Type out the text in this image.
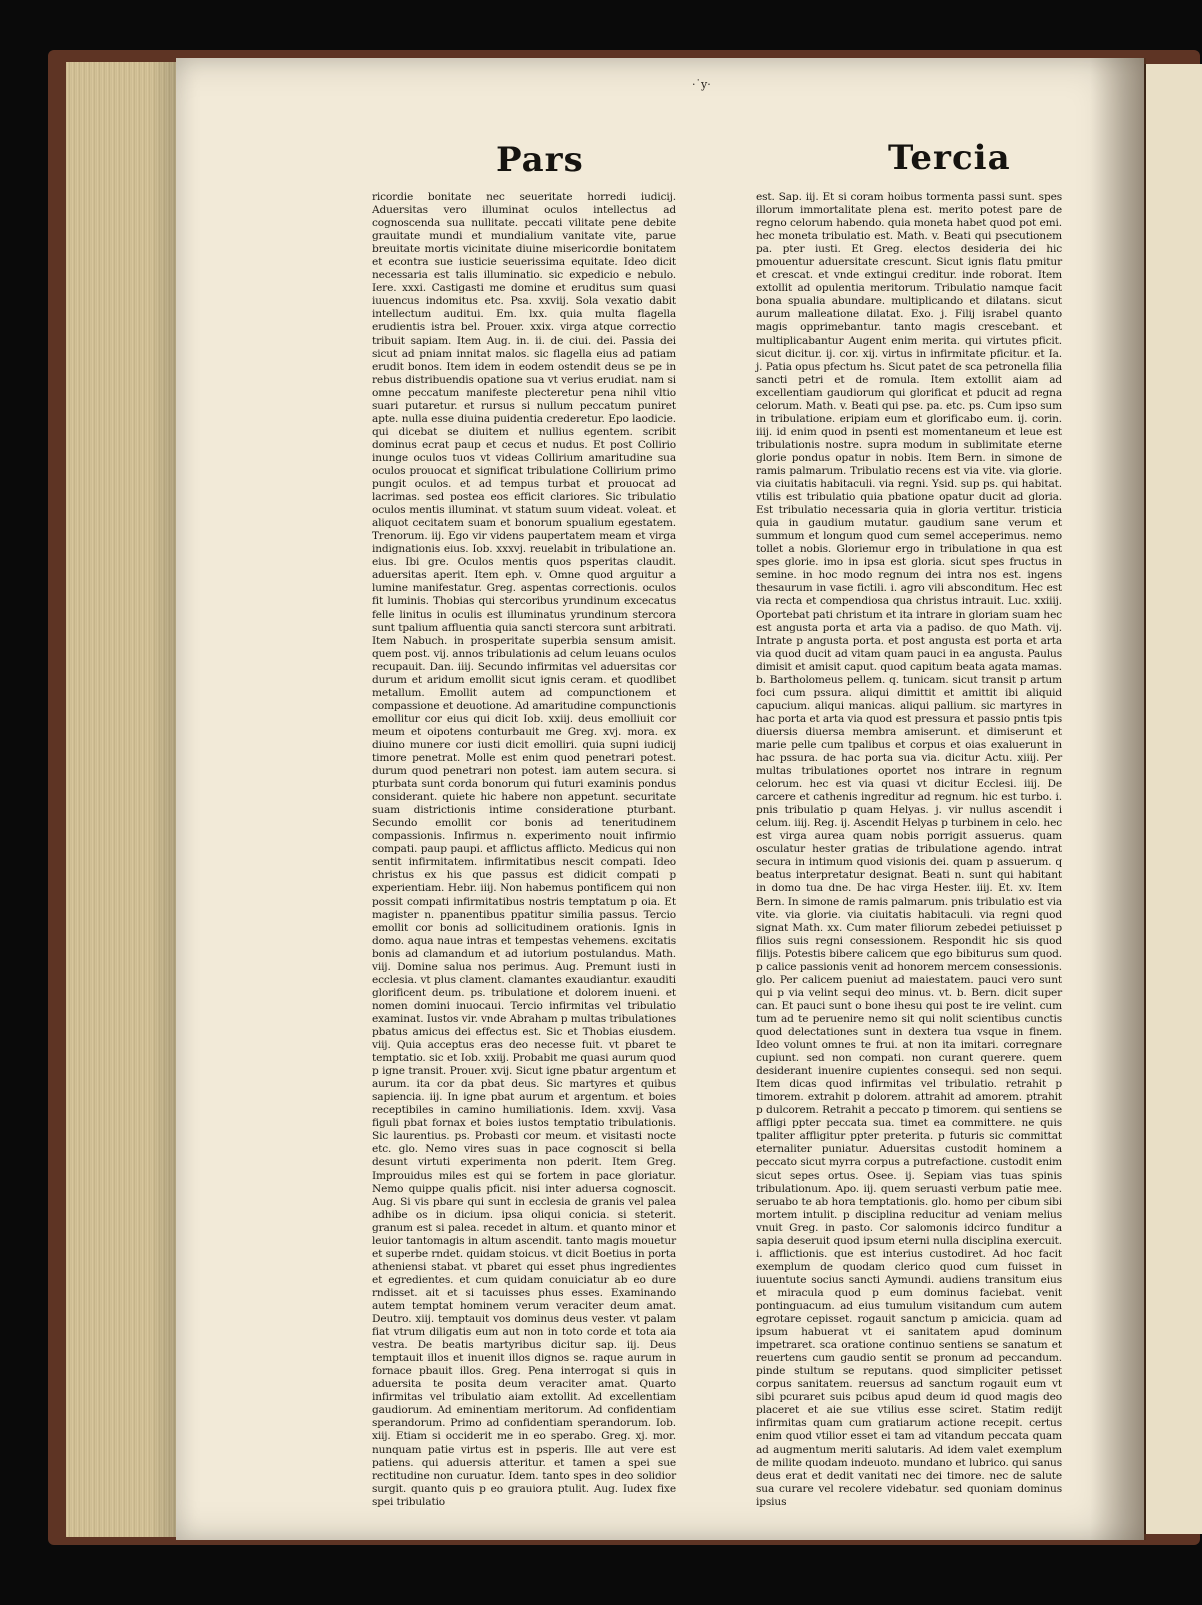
·˙y·
Pars	Tercia

ricordie bonitate nec seueritate horredi iudicij. Aduersitas vero illuminat oculos intellectus ad cognoscenda sua nullitate. peccati vilitate pene debite grauitate mundi et mundialium vanitate vite, parue breuitate mortis vicinitate diuine misericordie bonitatem et econtra sue iusticie seuerissima equitate. Ideo dicit necessaria est talis illuminatio. sic expedicio e nebulo. Iere. xxxi. Castigasti me domine et eruditus sum quasi iuuencus indomitus etc. Psa. xxviij. Sola vexatio dabit intellectum auditui. Em. lxx. quia multa flagella erudientis istra bel. Prouer. xxix. virga atque correctio tribuit sapiam. Item Aug. in. ii. de ciui. dei. Passia dei sicut ad pniam innitat malos. sic flagella eius ad patiam erudit bonos. Item idem in eodem ostendit deus se pe in rebus distribuendis opatione sua vt verius erudiat. nam si omne peccatum manifeste plecteretur pena nihil vltio suari putaretur. et rursus si nullum peccatum puniret apte. nulla esse diuina puidentia crederetur. Epo laodicie. qui dicebat se diuitem et nullius egentem. scribit dominus ecrat paup et cecus et nudus. Et post Collirio inunge oculos tuos vt videas Collirium amaritudine sua oculos prouocat et significat tribulatione Collirium primo pungit oculos. et ad tempus turbat et prouocat ad lacrimas. sed postea eos efficit clariores. Sic tribulatio oculos mentis illuminat. vt statum suum videat. voleat. et aliquot cecitatem suam et bonorum spualium egestatem. Trenorum. iij. Ego vir videns paupertatem meam et virga indignationis eius. Iob. xxxvj. reuelabit in tribulatione an. eius. Ibi gre. Oculos mentis quos psperitas claudit. aduersitas aperit. Item eph. v. Omne quod arguitur a lumine manifestatur. Greg. aspentas correctionis. oculos fit luminis. Thobias qui stercoribus yrundinum excecatus felle linitus in oculis est illuminatus yrundinum stercora sunt tpalium affluentia quia sancti stercora sunt arbitrati. Item Nabuch. in prosperitate superbia sensum amisit. quem post. vij. annos tribulationis ad celum leuans oculos recupauit. Dan. iiij. Secundo infirmitas vel aduersitas cor durum et aridum emollit sicut ignis ceram. et quodlibet metallum. Emollit autem ad compunctionem et compassione et deuotione. Ad amaritudine compunctionis emollitur cor eius qui dicit Iob. xxiij. deus emolliuit cor meum et oipotens conturbauit me Greg. xvj. mora. ex diuino munere cor iusti dicit emolliri. quia supni iudicij timore penetrat. Molle est enim quod penetrari potest. durum quod penetrari non potest. iam autem secura. si pturbata sunt corda bonorum qui futuri examinis pondus considerant. quiete hic habere non appetunt. securitate suam districtionis intime consideratione pturbant. Secundo emollit cor bonis ad teneritudinem compassionis. Infirmus n. experimento nouit infirmio compati. paup paupi. et afflictus afflicto. Medicus qui non sentit infirmitatem. infirmitatibus nescit compati. Ideo christus ex his que passus est didicit compati p experientiam. Hebr. iiij. Non habemus pontificem qui non possit compati infirmitatibus nostris temptatum p oia. Et magister n. ppanentibus ppatitur similia passus. Tercio emollit cor bonis ad sollicitudinem orationis. Ignis in domo. aqua naue intras et tempestas vehemens. excitatis bonis ad clamandum et ad iutorium postulandus. Math. viij. Domine salua nos perimus. Aug. Premunt iusti in ecclesia. vt plus clament. clamantes exaudiantur. exauditi glorificent deum. ps. tribulatione et dolorem inueni. et nomen domini inuocaui. Tercio infirmitas vel tribulatio examinat. Iustos vir. vnde Abraham p multas tribulationes pbatus amicus dei effectus est. Sic et Thobias eiusdem. viij. Quia acceptus eras deo necesse fuit. vt pbaret te temptatio. sic et Iob. xxiij. Probabit me quasi aurum quod p igne transit. Prouer. xvij. Sicut igne pbatur argentum et aurum. ita cor da pbat deus. Sic martyres et quibus sapiencia. iij. In igne pbat aurum et argentum. et boies receptibiles in camino humiliationis. Idem. xxvij. Vasa figuli pbat fornax et boies iustos temptatio tribulationis. Sic laurentius. ps. Probasti cor meum. et visitasti nocte etc. glo. Nemo vires suas in pace cognoscit si bella desunt virtuti experimenta non pderit. Item Greg. Improuidus miles est qui se fortem in pace gloriatur. Nemo quippe qualis pficit. nisi inter aduersa cognoscit. Aug. Si vis pbare qui sunt in ecclesia de granis vel palea adhibe os in dicium. ipsa oliqui conicia. si steterit. granum est si palea. recedet in altum. et quanto minor et leuior tantomagis in altum ascendit. tanto magis mouetur et superbe rndet. quidam stoicus. vt dicit Boetius in porta atheniensi stabat. vt pbaret qui esset phus ingredientes et egredientes. et cum quidam conuiciatur ab eo dure rndisset. ait et si tacuisses phus esses. Examinando autem temptat hominem verum veraciter deum amat. Deutro. xiij. temptauit vos dominus deus vester. vt palam fiat vtrum diligatis eum aut non in toto corde et tota aia vestra. De beatis martyribus dicitur sap. iij. Deus temptauit illos et inuenit illos dignos se. raque aurum in fornace pbauit illos. Greg. Pena interrogat si quis in aduersita te posita deum veraciter amat. Quarto infirmitas vel tribulatio aiam extollit. Ad excellentiam gaudiorum. Ad eminentiam meritorum. Ad confidentiam sperandorum. Primo ad confidentiam sperandorum. Iob. xiij. Etiam si occiderit me in eo sperabo. Greg. xj. mor. nunquam patie virtus est in psperis. Ille aut vere est patiens. qui aduersis atteritur. et tamen a spei sue rectitudine non curuatur. Idem. tanto spes in deo solidior surgit. quanto quis p eo grauiora ptulit. Aug. Iudex fixe spei tribulatio

est. Sap. iij. Et si coram hoibus tormenta passi sunt. spes illorum immortalitate plena est. merito potest pare de regno celorum habendo. quia moneta habet quod pot emi. hec moneta tribulatio est. Math. v. Beati qui psecutionem pa. pter iusti. Et Greg. electos desideria dei hic pmouentur aduersitate crescunt. Sicut ignis flatu pmitur et crescat. et vnde extingui creditur. inde roborat. Item extollit ad opulentia meritorum. Tribulatio namque facit bona spualia abundare. multiplicando et dilatans. sicut aurum malleatione dilatat. Exo. j. Filij israbel quanto magis opprimebantur. tanto magis crescebant. et multiplicabantur Augent enim merita. qui virtutes pficit. sicut dicitur. ij. cor. xij. virtus in infirmitate pficitur. et Ia. j. Patia opus pfectum hs. Sicut patet de sca petronella filia sancti petri et de romula. Item extollit aiam ad excellentiam gaudiorum qui glorificat et pducit ad regna celorum. Math. v. Beati qui pse. pa. etc. ps. Cum ipso sum in tribulatione. eripiam eum et glorificabo eum. ij. corin. iiij. id enim quod in psenti est momentaneum et leue est tribulationis nostre. supra modum in sublimitate eterne glorie pondus opatur in nobis. Item Bern. in simone de ramis palmarum. Tribulatio recens est via vite. via glorie. via ciuitatis habitaculi. via regni. Ysid. sup ps. qui habitat. vtilis est tribulatio quia pbatione opatur ducit ad gloria. Est tribulatio necessaria quia in gloria vertitur. tristicia quia in gaudium mutatur. gaudium sane verum et summum et longum quod cum semel acceperimus. nemo tollet a nobis. Gloriemur ergo in tribulatione in qua est spes glorie. imo in ipsa est gloria. sicut spes fructus in semine. in hoc modo regnum dei intra nos est. ingens thesaurum in vase fictili. i. agro vili absconditum. Hec est via recta et compendiosa qua christus intrauit. Luc. xxiiij. Oportebat pati christum et ita intrare in gloriam suam hec est angusta porta et arta via a padiso. de quo Math. vij. Intrate p angusta porta. et post angusta est porta et arta via quod ducit ad vitam quam pauci in ea angusta. Paulus dimisit et amisit caput. quod capitum beata agata mamas. b. Bartholomeus pellem. q. tunicam. sicut transit p artum foci cum pssura. aliqui dimittit et amittit ibi aliquid capucium. aliqui manicas. aliqui pallium. sic martyres in hac porta et arta via quod est pressura et passio pntis tpis diuersis diuersa membra amiserunt. et dimiserunt et marie pelle cum tpalibus et corpus et oias exaluerunt in hac pssura. de hac porta sua via. dicitur Actu. xiiij. Per multas tribulationes oportet nos intrare in regnum celorum. hec est via quasi vt dicitur Ecclesi. iiij. De carcere et cathenis ingreditur ad regnum. hic est turbo. i. pnis tribulatio p quam Helyas. j. vir nullus ascendit i celum. iiij. Reg. ij. Ascendit Helyas p turbinem in celo. hec est virga aurea quam nobis porrigit assuerus. quam osculatur hester gratias de tribulatione agendo. intrat secura in intimum quod visionis dei. quam p assuerum. q beatus interpretatur designat. Beati n. sunt qui habitant in domo tua dne. De hac virga Hester. iiij. Et. xv. Item Bern. In simone de ramis palmarum. pnis tribulatio est via vite. via glorie. via ciuitatis habitaculi. via regni quod signat Math. xx. Cum mater filiorum zebedei petiuisset p filios suis regni consessionem. Respondit hic sis quod filijs. Potestis bibere calicem que ego bibiturus sum quod. p calice passionis venit ad honorem mercem consessionis. glo. Per calicem pueniut ad maiestatem. pauci vero sunt qui p via velint sequi deo minus. vt. b. Bern. dicit super can. Et pauci sunt o bone ihesu qui post te ire velint. cum tum ad te peruenire nemo sit qui nolit scientibus cunctis quod delectationes sunt in dextera tua vsque in finem. Ideo volunt omnes te frui. at non ita imitari. corregnare cupiunt. sed non compati. non curant querere. quem desiderant inuenire cupientes consequi. sed non sequi. Item dicas quod infirmitas vel tribulatio. retrahit p timorem. extrahit p dolorem. attrahit ad amorem. ptrahit p dulcorem. Retrahit a peccato p timorem. qui sentiens se affligi ppter peccata sua. timet ea committere. ne quis tpaliter affligitur ppter preterita. p futuris sic committat eternaliter puniatur. Aduersitas custodit hominem a peccato sicut myrra corpus a putrefactione. custodit enim sicut sepes ortus. Osee. ij. Sepiam vias tuas spinis tribulationum. Apo. iij. quem seruasti verbum patie mee. seruabo te ab hora temptationis. glo. homo per cibum sibi mortem intulit. p disciplina reducitur ad veniam melius vnuit Greg. in pasto. Cor salomonis idcirco funditur a sapia deseruit quod ipsum eterni nulla disciplina exercuit. i. afflictionis. que est interius custodiret. Ad hoc facit exemplum de quodam clerico quod cum fuisset in iuuentute socius sancti Aymundi. audiens transitum eius et miracula quod p eum dominus faciebat. venit pontinguacum. ad eius tumulum visitandum cum autem egrotare cepisset. rogauit sanctum p amicicia. quam ad ipsum habuerat vt ei sanitatem apud dominum impetraret. sca oratione continuo sentiens se sanatum et reuertens cum gaudio sentit se pronum ad peccandum. pinde stultum se reputans. quod simpliciter petisset corpus sanitatem. reuersus ad sanctum rogauit eum vt sibi pcuraret suis pcibus apud deum id quod magis deo placeret et aie sue vtilius esse sciret. Statim redijt infirmitas quam cum gratiarum actione recepit. certus enim quod vtilior esset ei tam ad vitandum peccata quam ad augmentum meriti salutaris. Ad idem valet exemplum de milite quodam indeuoto. mundano et lubrico. qui sanus deus erat et dedit vanitati nec dei timore. nec de salute sua curare vel recolere videbatur. sed quoniam dominus ipsius
